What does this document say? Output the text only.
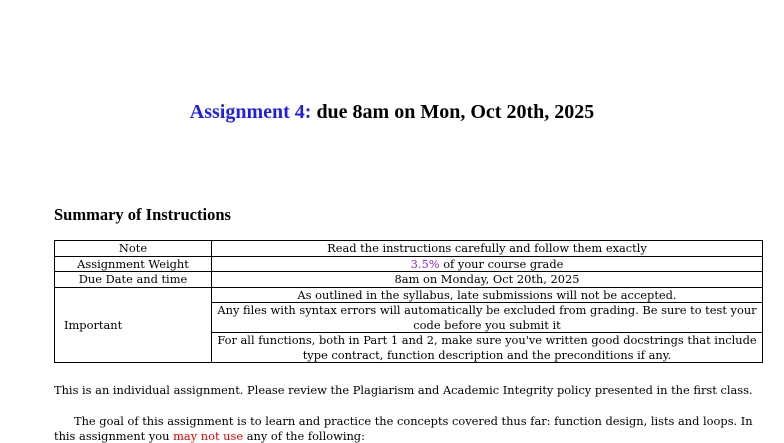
Assignment 4: due 8am on Mon, Oct 20th, 2025
Summary of Instructions
Note	Read the instructions carefully and follow them exactly
Assignment Weight	3.5% of your course grade
Due Date and time	8am on Monday, Oct 20th, 2025
Important	As outlined in the syllabus, late submissions will not be accepted.
	Any files with syntax errors will automatically be excluded from grading. Be sure to test your code before you submit it
	For all functions, both in Part 1 and 2, make sure you've written good docstrings that include type contract, function description and the preconditions if any.
This is an individual assignment. Please review the Plagiarism and Academic Integrity policy presented in the first class.
The goal of this assignment is to learn and practice the concepts covered thus far: function design, lists and loops. In this assignment you may not use any of the following:
